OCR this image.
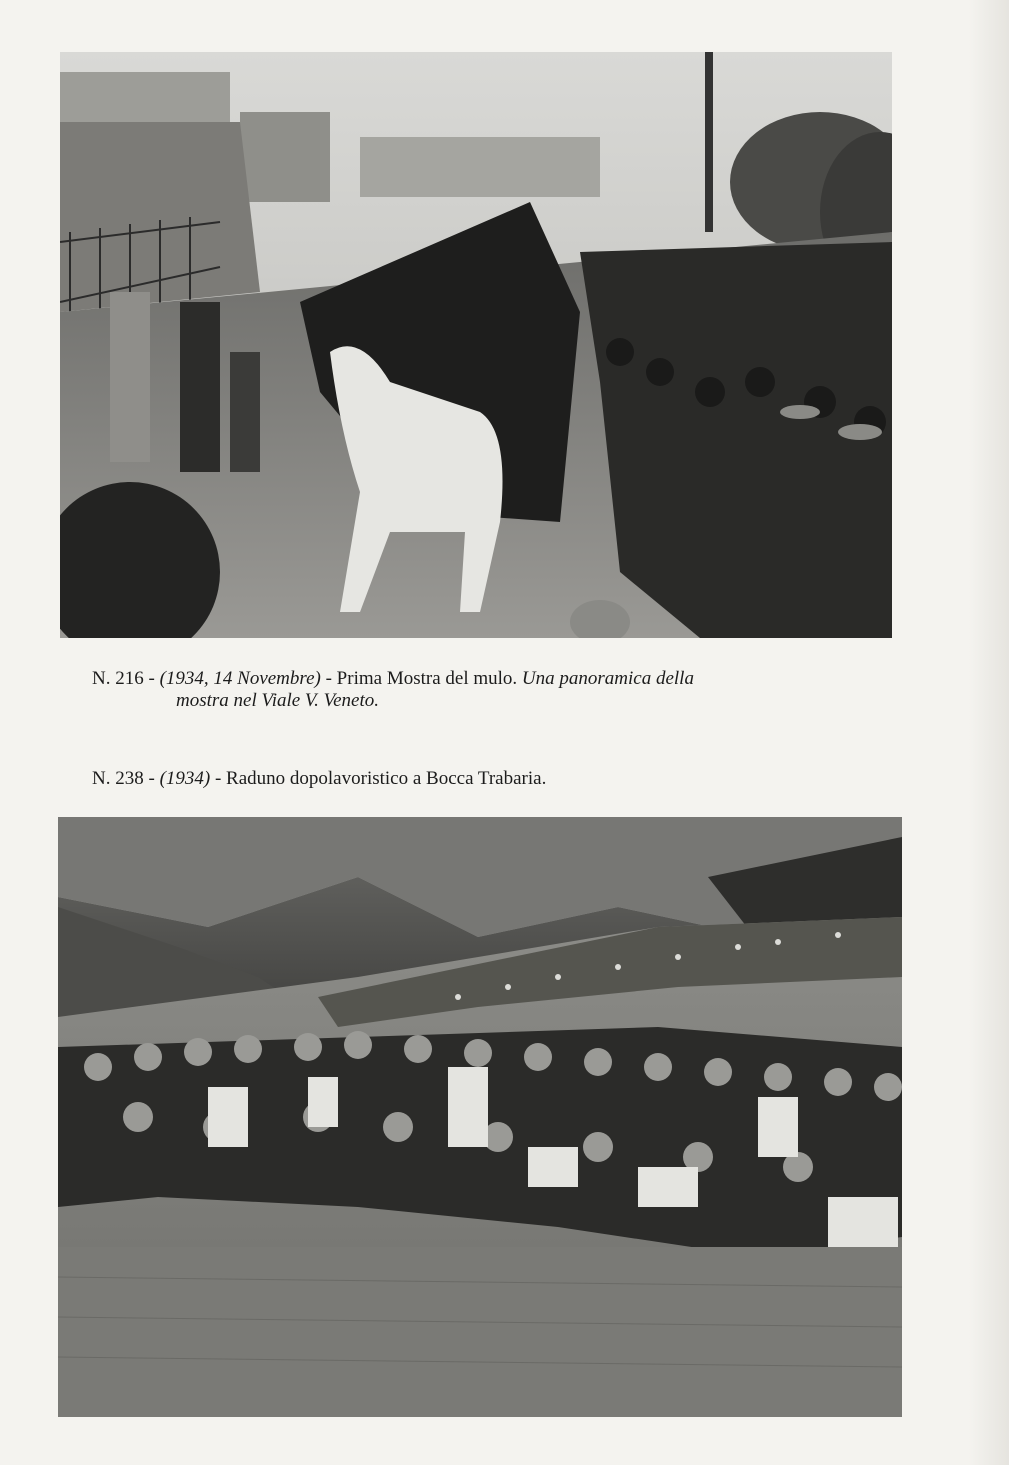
N. 216 - (1934, 14 Novembre) - Prima Mostra del mulo. Una panoramica della
mostra nel Viale V. Veneto.
N. 238 - (1934) - Raduno dopolavoristico a Bocca Trabaria.
